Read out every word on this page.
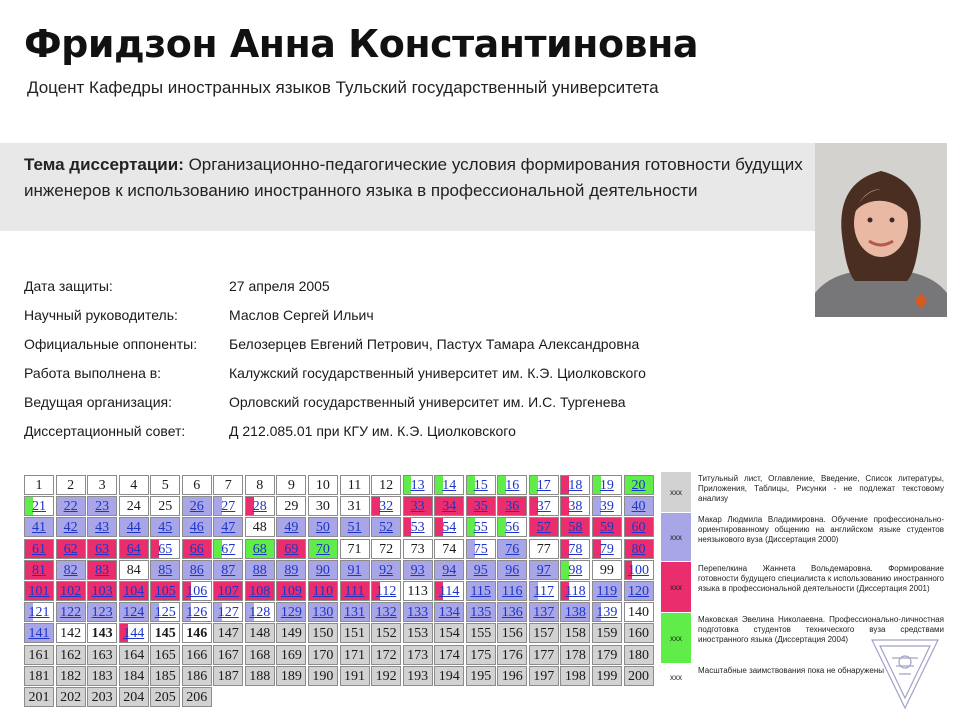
Фридзон Анна Константиновна
Доцент Кафедры иностранных языков Тульский государственный университета
Тема диссертации: Организационно-педагогические условия формирования готовности будущих инженеров к использованию иностранного языка в профессиональной деятельности
Дата защиты:	27 апреля 2005
Научный руководитель:	Маслов Сергей Ильич
Официальные оппоненты: Белозерцев Евгений Петрович, Пастух Тамара Александровна
Работа выполнена в:	Калужский государственный университет им. К.Э. Циолковского
Ведущая организация:	Орловский государственный университет им. И.С. Тургенева
Диссертационный совет:	Д 212.085.01 при КГУ им. К.Э. Циолковского
1	2	3	4	5	6	7	8	9	10	11	12	13	14	15	16	17	18	19	20
21	22	23	24	25	26	27	28	29	30	31	32	33	34	35	36	37	38	39	40
41	42	43	44	45	46	47	48	49	50	51	52	53	54	55	56	57	58	59	60
61	62	63	64	65	66	67	68	69	70	71	72	73	74	75	76	77	78	79	80
81	82	83	84	85	86	87	88	89	90	91	92	93	94	95	96	97	98	99	100
101 102 103 104 105 106 107 108 109 110 111 112 113 114 115 116 117 118 119 120
121 122 123 124 125 126 127 128 129 130 131 132 133 134 135 136 137 138 139 140
141 142 143 144 145 146 147 148 149 150 151 152 153 154 155 156 157 158 159 160
161 162 163 164 165 166 167 168 169 170 171 172 173 174 175 176 177 178 179 180
181 182 183 184 185 186 187 188 189 190 191 192 193 194 195 196 197 198 199 200
201 202 203 204 205 206
xxx
Титульный лист, Оглавление, Введение, Список литературы, Приложения, Таблицы, Рисунки - не подлежат текстовому анализу
xxx
Макар Людмила Владимировна. Обучение профессионально-ориентированному общению на английском языке студентов неязыкового вуза (Диссертация 2000)
xxx
Перепелкина Жаннета Вольдемаровна. Формирование готовности будущего специалиста к использованию иностранного языка в профессиональной деятельности (Диссертация 2001)
xxx
Маковская Эвелина Николаевна. Профессионально-личностная подготовка студентов технического вуза средствами иностранного языка (Диссертация 2004)
xxx
Масштабные заимствования пока не обнаружены
